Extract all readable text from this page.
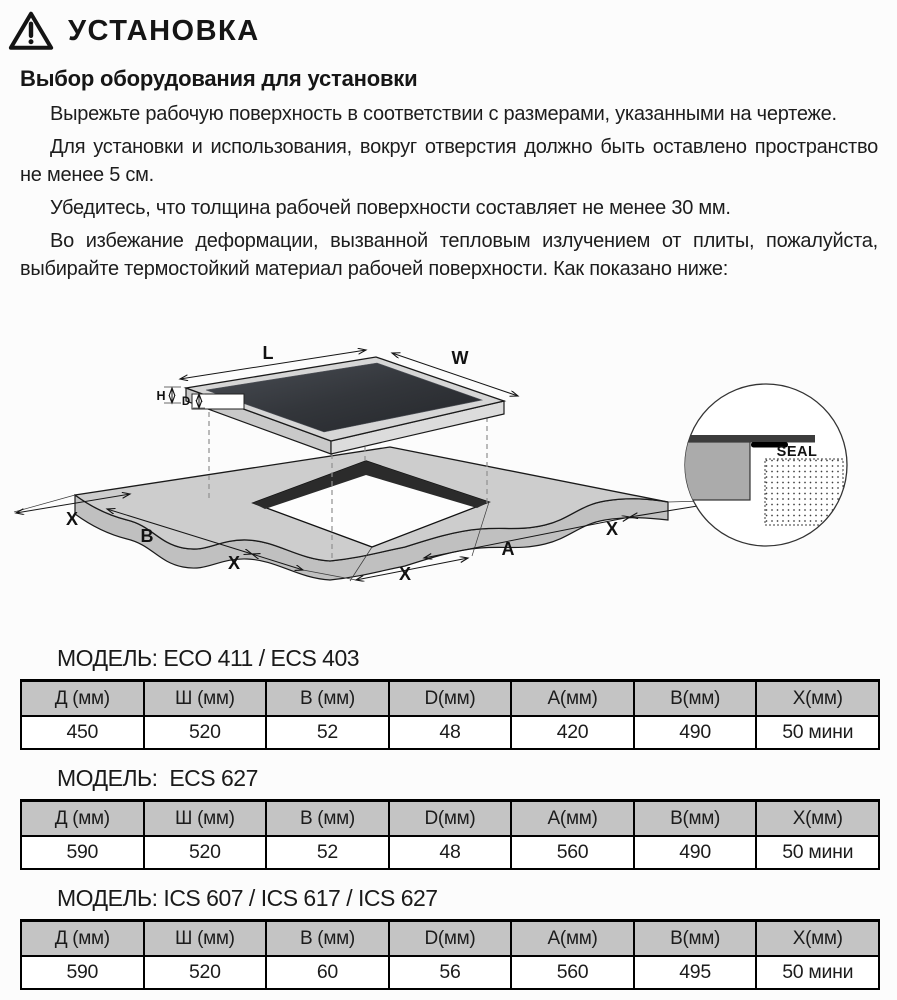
УСТАНОВКА
Выбор оборудования для установки

Вырежьте рабочую поверхность в соответствии с размерами, указанными на чертеже.

Для установки и использования, вокруг отверстия должно быть оставлено пространство не менее 5 см.

Убедитесь, что толщина рабочей поверхности составляет не менее 30 мм.

Во избежание деформации, вызванной тепловым излучением от плиты, пожалуйста, выбирайте термостойкий материал рабочей поверхности. Как показано ниже:

L	W
H D
X
B
X
X
A
X
SEAL
МОДЕЛЬ: ECO 411 / ECS 403
Д (мм)	Ш (мм)	В (мм)	D(мм)	А(мм)	В(мм)	Х(мм)
450	520	52	48	420	490	50 мини
МОДЕЛЬ:  ECS 627
Д (мм)	Ш (мм)	В (мм)	D(мм)	А(мм)	В(мм)	Х(мм)
590	520	52	48	560	490	50 мини
МОДЕЛЬ: ICS 607 / ICS 617 / ICS 627
Д (мм)	Ш (мм)	В (мм)	D(мм)	А(мм)	В(мм)	Х(мм)
590	520	60	56	560	495	50 мини
